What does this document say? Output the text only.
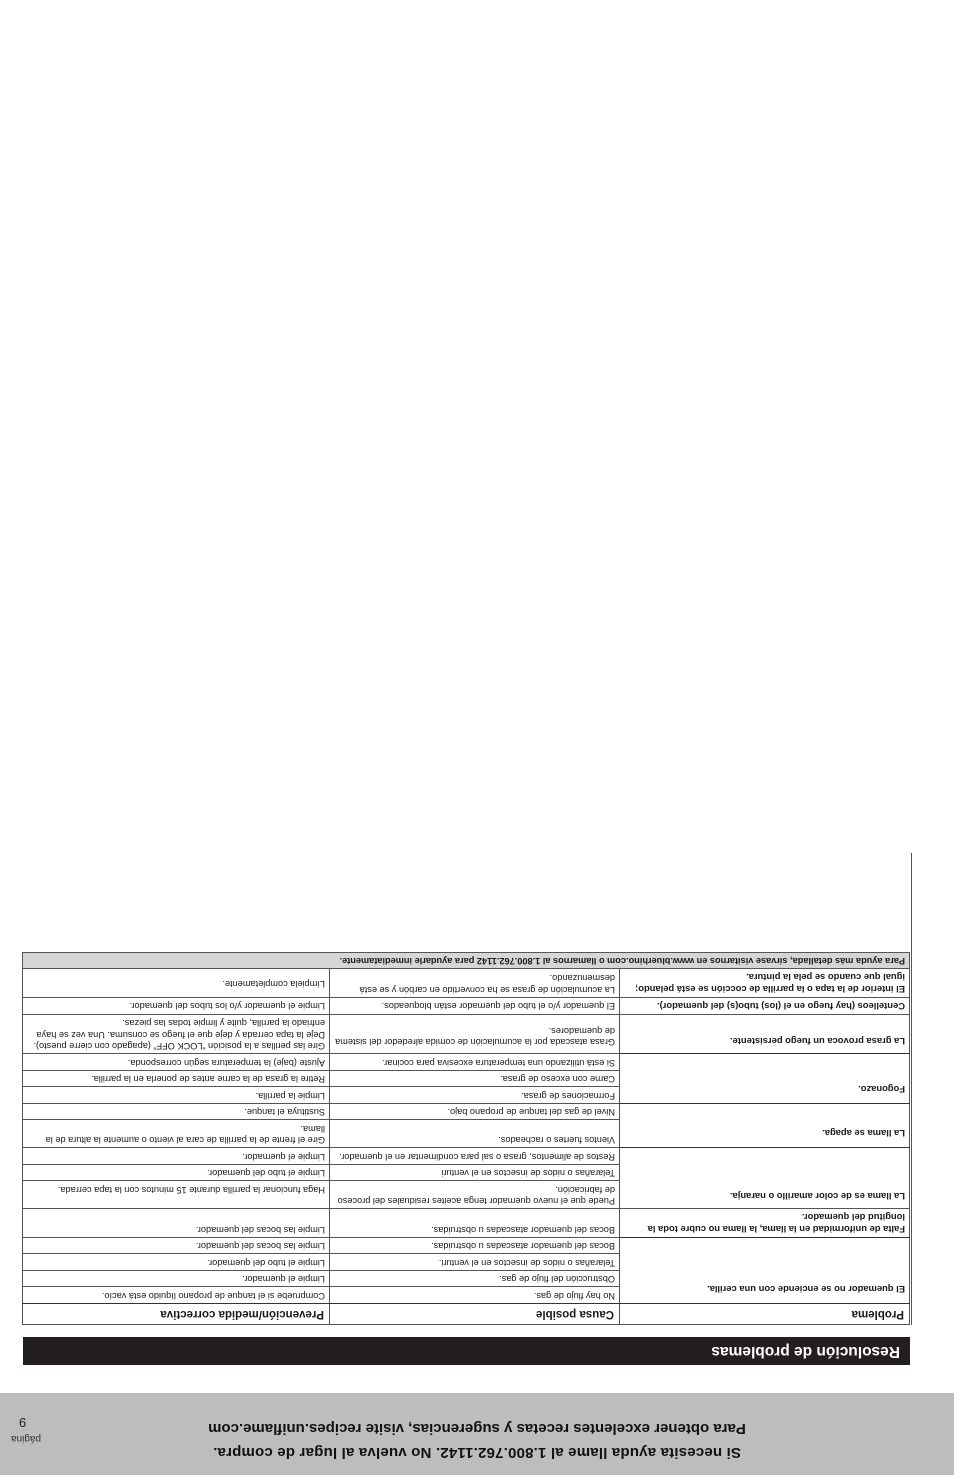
Si necesita ayuda llame al 1.800.762.1142. No vuelva al lugar de compra.
Para obtener excelentes recetas y sugerencias, visite recipes.uniflame.com
página
9
Resolución de problemas
Problema	Causa posible	Prevención/medida correctiva
El quemador no se enciende con una cerilla.	No hay flujo de gas.	Compruebe si el tanque de propano líquido está vacío.
	Obstrucción del flujo de gas.	Limpie el quemador.
	Telarañas o nidos de insectos en el venturi.	Limpie el tubo del quemador.
	Bocas del quemador atascadas u obstruidas.	Limpie las bocas del quemador.
Falta de uniformidad en la llama, la llama no cubre toda la longitud del quemador.	Bocas del quemador atascadas u obstruidas.	Limpie las bocas del quemador.
La llama es de color amarillo o naranja.	Puede que el nuevo quemador tenga aceites residuales del proceso de fabricación.	Haga funcionar la parrilla durante 15 minutos con la tapa cerrada.
	Telarañas o nidos de insectos en el venturi	Limpie el tubo del quemador.
	Restos de alimentos, grasa o sal para condimentar en el quemador.	Limpie el quemador.
La llama se apaga.	Vientos fuertes o racheados.	Gire el frente de la parrilla de cara al viento o aumente la altura de la llama.
	Nivel de gas del tanque de propano bajo.	Sustituya el tanque.
Fogonazo.	Formaciones de grasa.	Limpie la parrilla.
	Carne con exceso de grasa.	Retire la grasa de la carne antes de ponerla en la parrilla.
	Si está utilizando una temperatura excesiva para cocinar.	Ajuste (baje) la temperatura según corresponda.
La grasa provoca un fuego persistente.	Grasa atascada por la acumulación de comida alrededor del sistema de quemadores.	Gire las perillas a la posición “LOCK OFF” (apagado con cierre puesto). Deje la tapa cerrada y deje que el fuego se consuma. Una vez se haya enfriado la parrilla, quite y limpie todas las piezas.
Centelleos (hay fuego en el (los) tubo(s) del quemador).	El quemador y/o el tubo del quemador están bloqueados.	Limpie el quemador y/o los tubos del quemador.
El interior de la tapa o la parrilla de cocción se está pelando; igual que cuando se pela la pintura.	La acumulación de grasa se ha convertido en carbón y se está desmenuzando.	Límpiela completamente.
Para ayuda más detallada, sírvase visitarnos en www.bluerhino.com o llamarnos al 1.800.762.1142 para ayudarle inmediatamente.		
